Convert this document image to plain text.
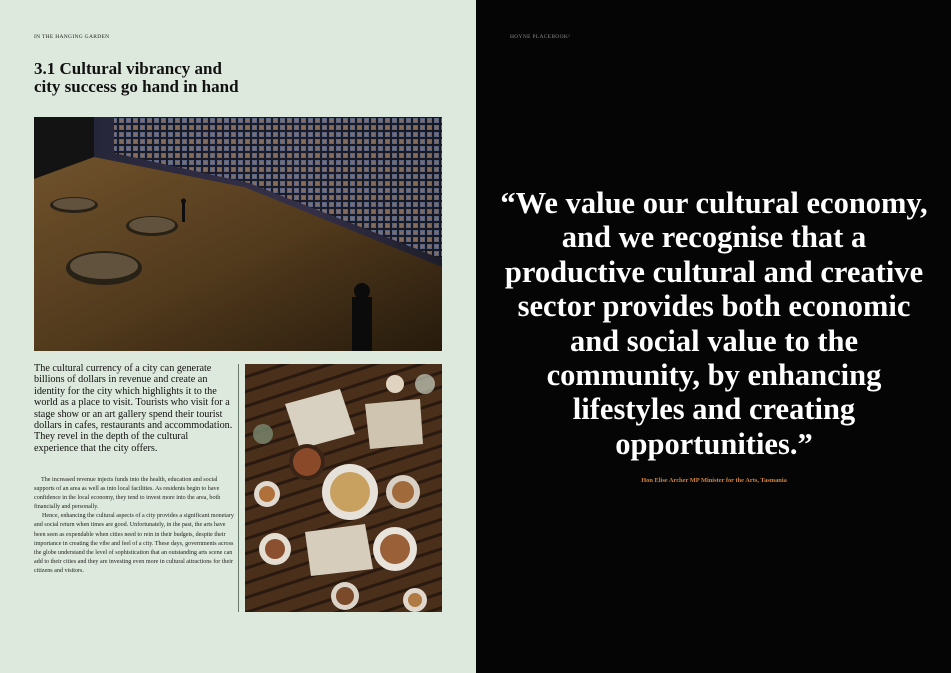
IN THE HANGING GARDEN
3.1 Cultural vibrancy and
city success go hand in hand

The cultural currency of a city can generate billions of dollars in revenue and create an identity for the city which highlights it to the world as a place to visit. Tourists who visit for a stage show or an art gallery spend their tourist dollars in cafes, restaurants and accommodation. They revel in the depth of the cultural experience that the city offers.

The increased revenue injects funds into the health, education and social supports of an area as well as into local facilities. As residents begin to have confidence in the local economy, they tend to invest more into the area, both financially and personally.

Hence, enhancing the cultural aspects of a city provides a significant monetary and social return when times are good. Unfortunately, in the past, the arts have been seen as expendable when cities need to rein in their budgets, despite their importance in creating the vibe and feel of a city. These days, governments across the globe understand the level of sophistication that an outstanding arts scene can add to their cities and they are investing even more in cultural attractions for their citizens and visitors.

HOYNE PLACEBOOK²

“We value our cultural economy, and we recognise that a productive cultural and creative sector provides both economic and social value to the community, by enhancing lifestyles and creating opportunities.”

Hon Elise Archer MP Minister for the Arts, Tasmania
